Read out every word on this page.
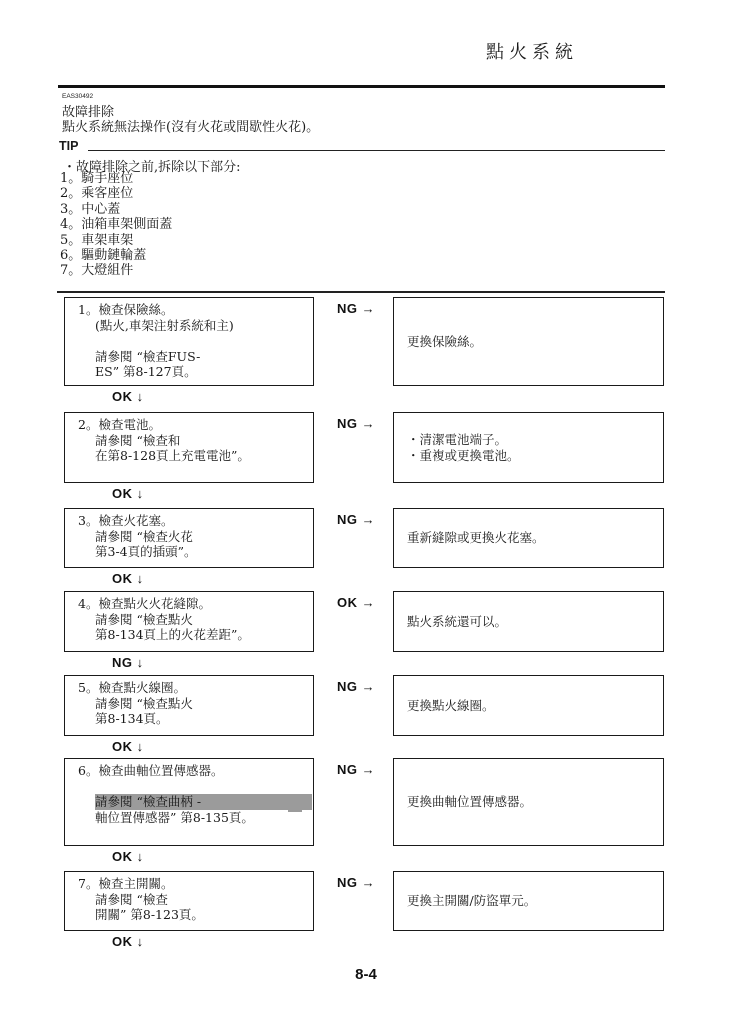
點火系統
EAS30492
故障排除
點火系統無法操作(沒有火花或間歇性火花)。
TIP
・故障排除之前,拆除以下部分:
1。騎手座位
2。乘客座位
3。中心蓋
4。油箱車架側面蓋
5。車架車架
6。驅動鏈輪蓋
7。大燈組件
1。檢查保險絲。
(點火,車架注射系統和主)
請參閱 “檢查FUS-
ES” 第8-127頁。
NG →
更換保險絲。
OK ↓
2。檢查電池。
請參閱 “檢查和
在第8-128頁上充電電池”。
NG →
・清潔電池端子。
・重複或更換電池。
OK ↓
3。檢查火花塞。
請參閱 “檢查火花
第3-4頁的插頭”。
NG →
重新縫隙或更換火花塞。
OK ↓
4。檢查點火火花縫隙。
請參閱 “檢查點火
第8-134頁上的火花差距”。
OK →
點火系統還可以。
NG ↓
5。檢查點火線圈。
請參閱 “檢查點火
第8-134頁。
NG →
更換點火線圈。
OK ↓
6。檢查曲軸位置傳感器。
請參閱 “檢查曲柄 -
軸位置傳感器” 第8-135頁。
NG →
更換曲軸位置傳感器。
OK ↓
7。檢查主開關。
請參閱 “檢查
開關” 第8-123頁。
NG →
更換主開關/防盜單元。
OK ↓
8-4
